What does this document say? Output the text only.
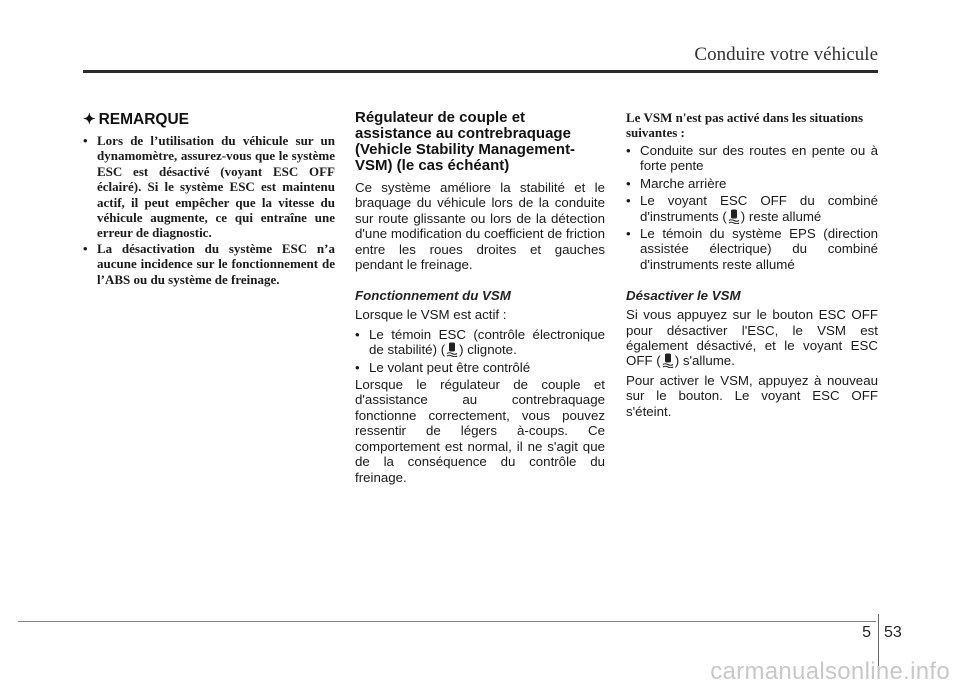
Conduire votre véhicule
✦ REMARQUE
• Lors de l’utilisation du véhicule sur un dynamomètre, assurez-vous que le système ESC est désactivé (voyant ESC OFF éclairé). Si le système ESC est maintenu actif, il peut empêcher que la vitesse du véhicule augmente, ce qui entraîne une erreur de diagnostic.
• La désactivation du système ESC n’a aucune incidence sur le fonctionnement de l’ABS ou du système de freinage.
Régulateur de couple et assistance au contrebraquage (Vehicle Stability Management-VSM) (le cas échéant)

Ce système améliore la stabilité et le braquage du véhicule lors de la conduite sur route glissante ou lors de la détection d'une modification du coefficient de friction entre les roues droites et gauches pendant le freinage.

Fonctionnement du VSM

Lorsque le VSM est actif :

• Le témoin ESC (contrôle électronique de stabilité) ( ) clignote.
• Le volant peut être contrôlé

Lorsque le régulateur de couple et d'assistance au contrebraquage fonctionne correctement, vous pouvez ressentir de légers à-coups. Ce comportement est normal, il ne s'agit que de la conséquence du contrôle du freinage.

Le VSM n'est pas activé dans les situations suivantes :
• Conduite sur des routes en pente ou à forte pente
• Marche arrière
• Le voyant ESC OFF du combiné d'instruments ( ) reste allumé
• Le témoin du système EPS (direction assistée électrique) du combiné d'instruments reste allumé
Désactiver le VSM

Si vous appuyez sur le bouton ESC OFF pour désactiver l'ESC, le VSM est également désactivé, et le voyant ESC OFF ( ) s'allume.

Pour activer le VSM, appuyez à nouveau sur le bouton. Le voyant ESC OFF s'éteint.

5 53
carmanualsonline.info
